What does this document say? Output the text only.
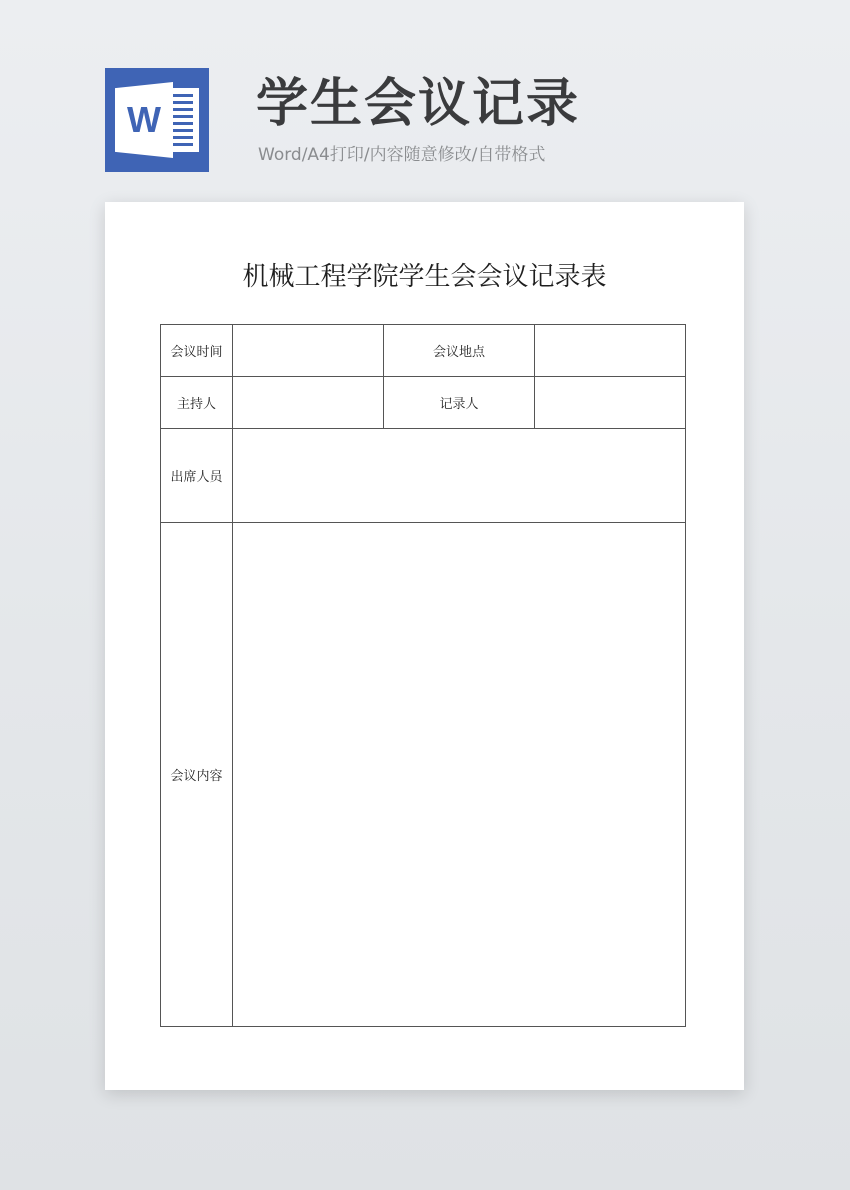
W 学生会议记录
Word/A4打印/内容随意修改/自带格式
机械工程学院学生会会议记录表
会议时间		会议地点	
主持人		记录人	
出席人员			
会议内容			
